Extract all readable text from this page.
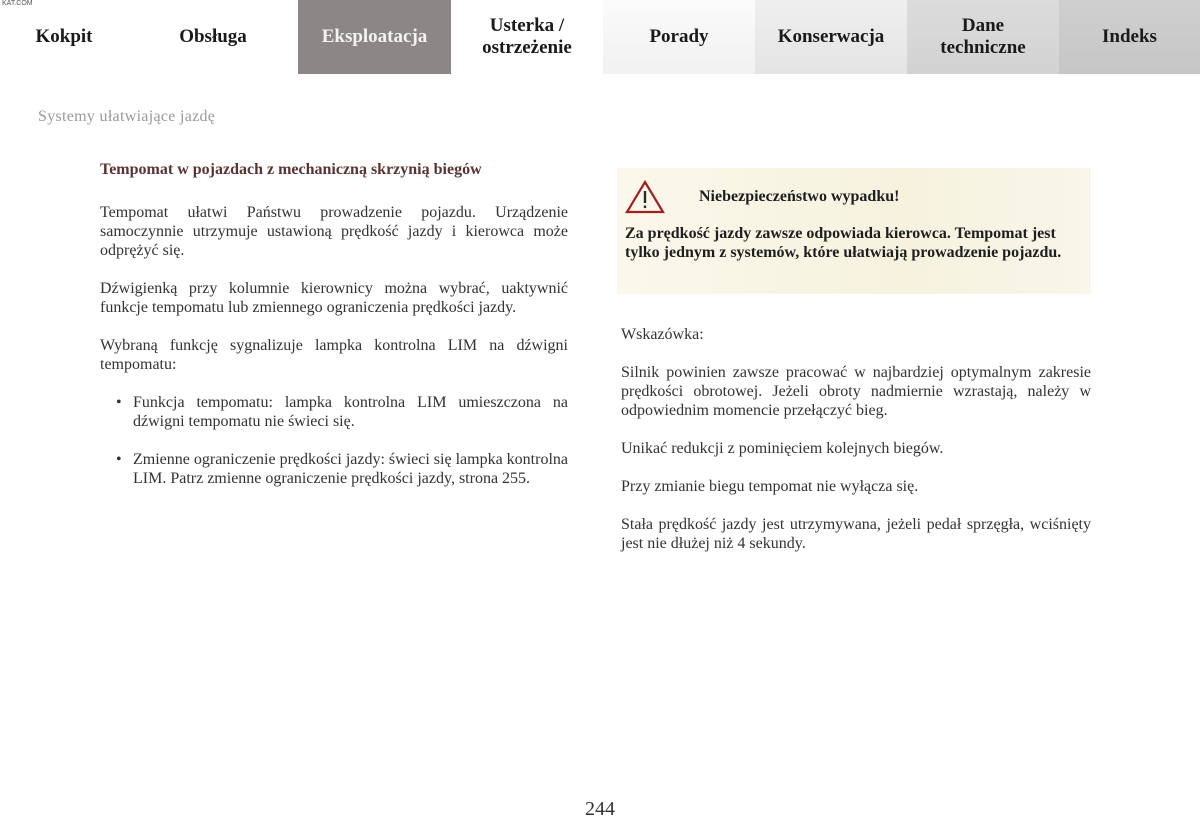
KAT.COM
Kokpit	Obsługa	Eksploatacja
Usterka /
ostrzeżenie
Porady	Konserwacja
Dane
techniczne
Indeks
Systemy ułatwiające jazdę
Tempomat w pojazdach z mechaniczną skrzynią biegów

Tempomat ułatwi Państwu prowadzenie pojazdu. Urządzenie samoczynnie utrzymuje ustawioną prędkość jazdy i kierowca może odprężyć się.

Dźwigienką przy kolumnie kierownicy można wybrać, uaktywnić funkcje tempomatu lub zmiennego ograniczenia prędkości jazdy.

Wybraną funkcję sygnalizuje lampka kontrolna LIM na dźwigni tempomatu:

• Funkcja tempomatu: lampka kontrolna LIM umieszczona na dźwigni tempomatu nie świeci się.
• Zmienne ograniczenie prędkości jazdy: świeci się lampka kontrolna LIM. Patrz zmienne ograniczenie prędkości jazdy, strona 255.
Niebezpieczeństwo wypadku!
Za prędkość jazdy zawsze odpowiada kierowca. Tempomat jest tylko jednym z systemów, które ułatwiają prowadzenie pojazdu.

Wskazówka:

Silnik powinien zawsze pracować w najbardziej optymalnym zakresie prędkości obrotowej. Jeżeli obroty nadmiernie wzrastają, należy w odpowiednim momencie przełączyć bieg.

Unikać redukcji z pominięciem kolejnych biegów.

Przy zmianie biegu tempomat nie wyłącza się.

Stała prędkość jazdy jest utrzymywana, jeżeli pedał sprzęgła, wciśnięty jest nie dłużej niż 4 sekundy.

244
